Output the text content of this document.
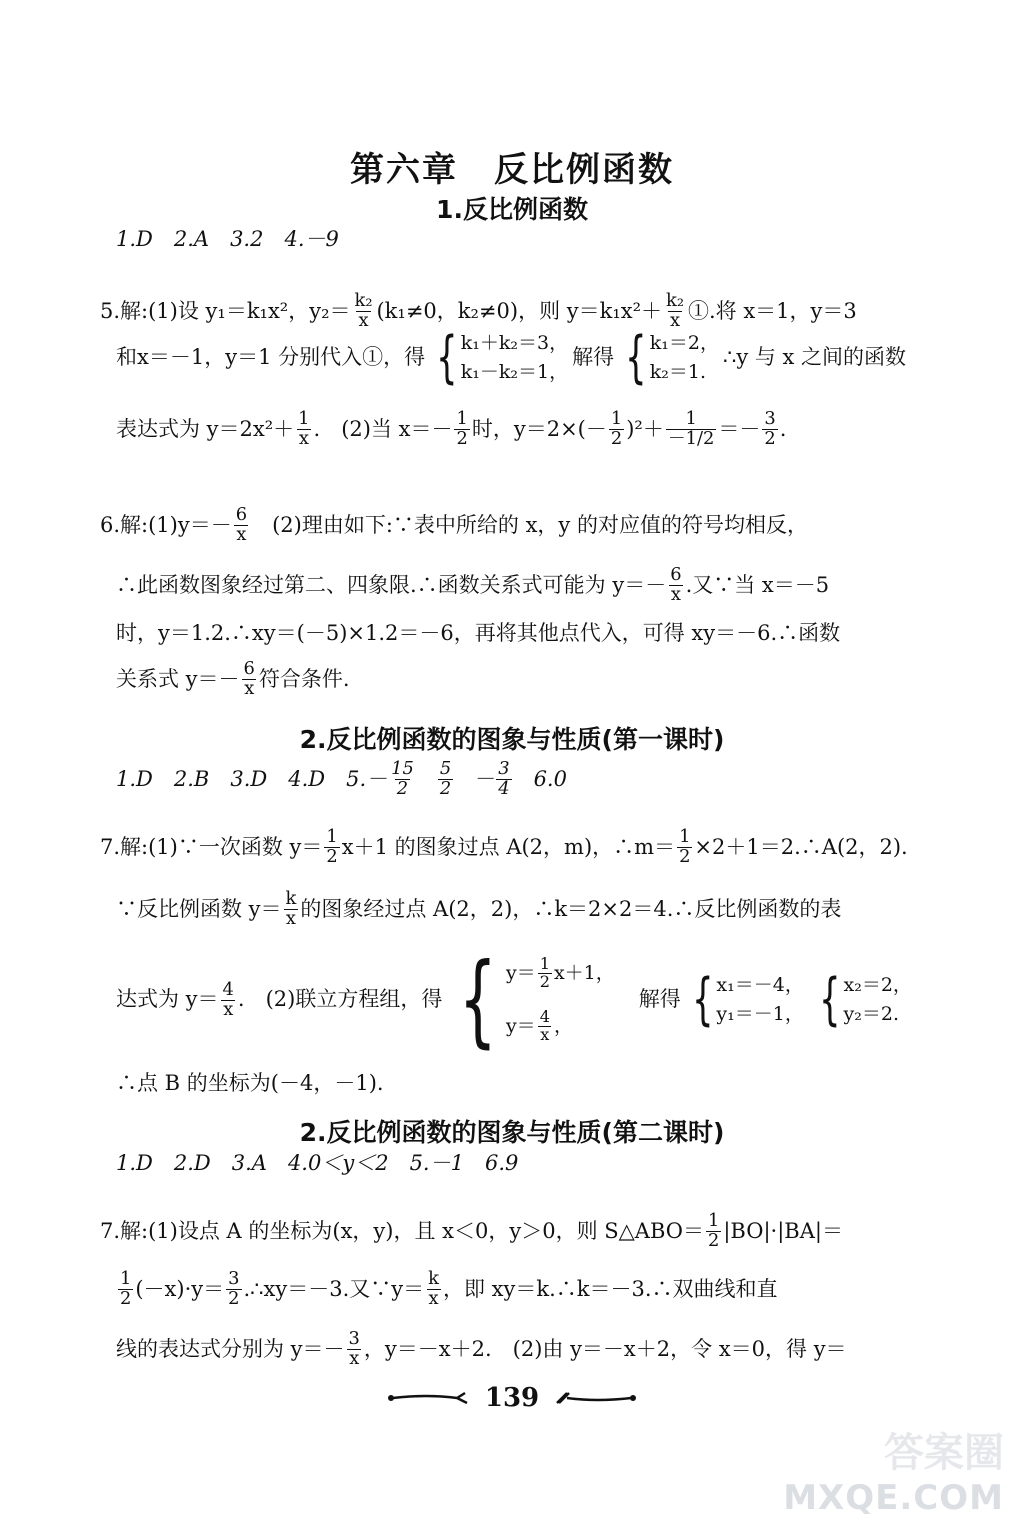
第六章　反比例函数
1.反比例函数
1.D　2.A　3.2　4.－9
5.解:(1)设 y₁＝k₁x²，$y_2= \frac{\text{k₂}}{x} (k_1\ne 0$，k₂≠0)，则 $y=k_1x^2+ \frac{\text{k₂}}{x}$ ①.将 x＝1，y＝3
和x＝－1，y＝1 分别代入①，得 { k₁＋k₂＝3，
k₁－k₂＝1，
解得 { k₁＝2，
k₂＝1.
∴y 与 x 之间的函数
表达式为 $y=2x^2+ \frac{1}{x}$ .　(2)当 $x=- \frac{1}{2}$ 时，$y=2\times(- \frac{1}{2} )^2+ \frac{1}{-1/2} =- \frac{3}{2}$ .
6.解:(1)y＝－ $\frac{6}{x}$ 　(2)理由如下:∵表中所给的 x，y 的对应值的符号均相反，
∴此函数图象经过第二、四象限.∴函数关系式可能为 $y=- \frac{6}{x}$ .又∵当 x＝－5
时，y＝1.2.∴xy＝(－5)×1.2＝－6，再将其他点代入，可得 xy＝－6.∴函数
关系式 $y=- \frac{6}{x}$ 符合条件.
2.反比例函数的图象与性质(第一课时)
1.D　2.B　3.D　4.D　$5.- \frac{15}{2} \frac{5}{2} - \frac{3}{4} 6.0$
7.解:(1)∵一次函数 $y= \frac{1}{2} x+1$ 的图象过点 A(2，m)，∴m＝ $\frac{1}{2}$ ×2＋1＝2.∴A(2，2).
∵反比例函数 $y= \frac{k}{x}$ 的图象经过点 A(2，2)，∴k＝2×2＝4.∴反比例函数的表
达式为 $y= \frac{4}{x}$ .　(2)联立方程组，得 { $y= \frac{1}{2} x+1$，
$y= \frac{4}{x}$ ，
解得 { x₁＝－4，
y₁＝－1， { x₂＝2，
y₂＝2.
∴点 B 的坐标为(－4，－1).
2.反比例函数的图象与性质(第二课时)
1.D　2.D　3.A　4.0＜y＜2　5.－1　6.9
7.解:(1)设点 A 的坐标为(x，y)，且 x＜0，y＞0，则 S△ABO＝ $\frac{1}{2} |BO|\cdot|BA|=$
$\frac{1}{2} (-x)\cdot y= \frac{3}{2}$ .∴xy＝－3.又∵y＝ $\frac{k}{x}$ ，即 xy＝k.∴k＝－3.∴双曲线和直
线的表达式分别为 $y=- \frac{3}{x}$ ，y＝－x＋2.　(2)由 y＝－x＋2，令 x＝0，得 y＝
139
答案圈
MXQE.COM
